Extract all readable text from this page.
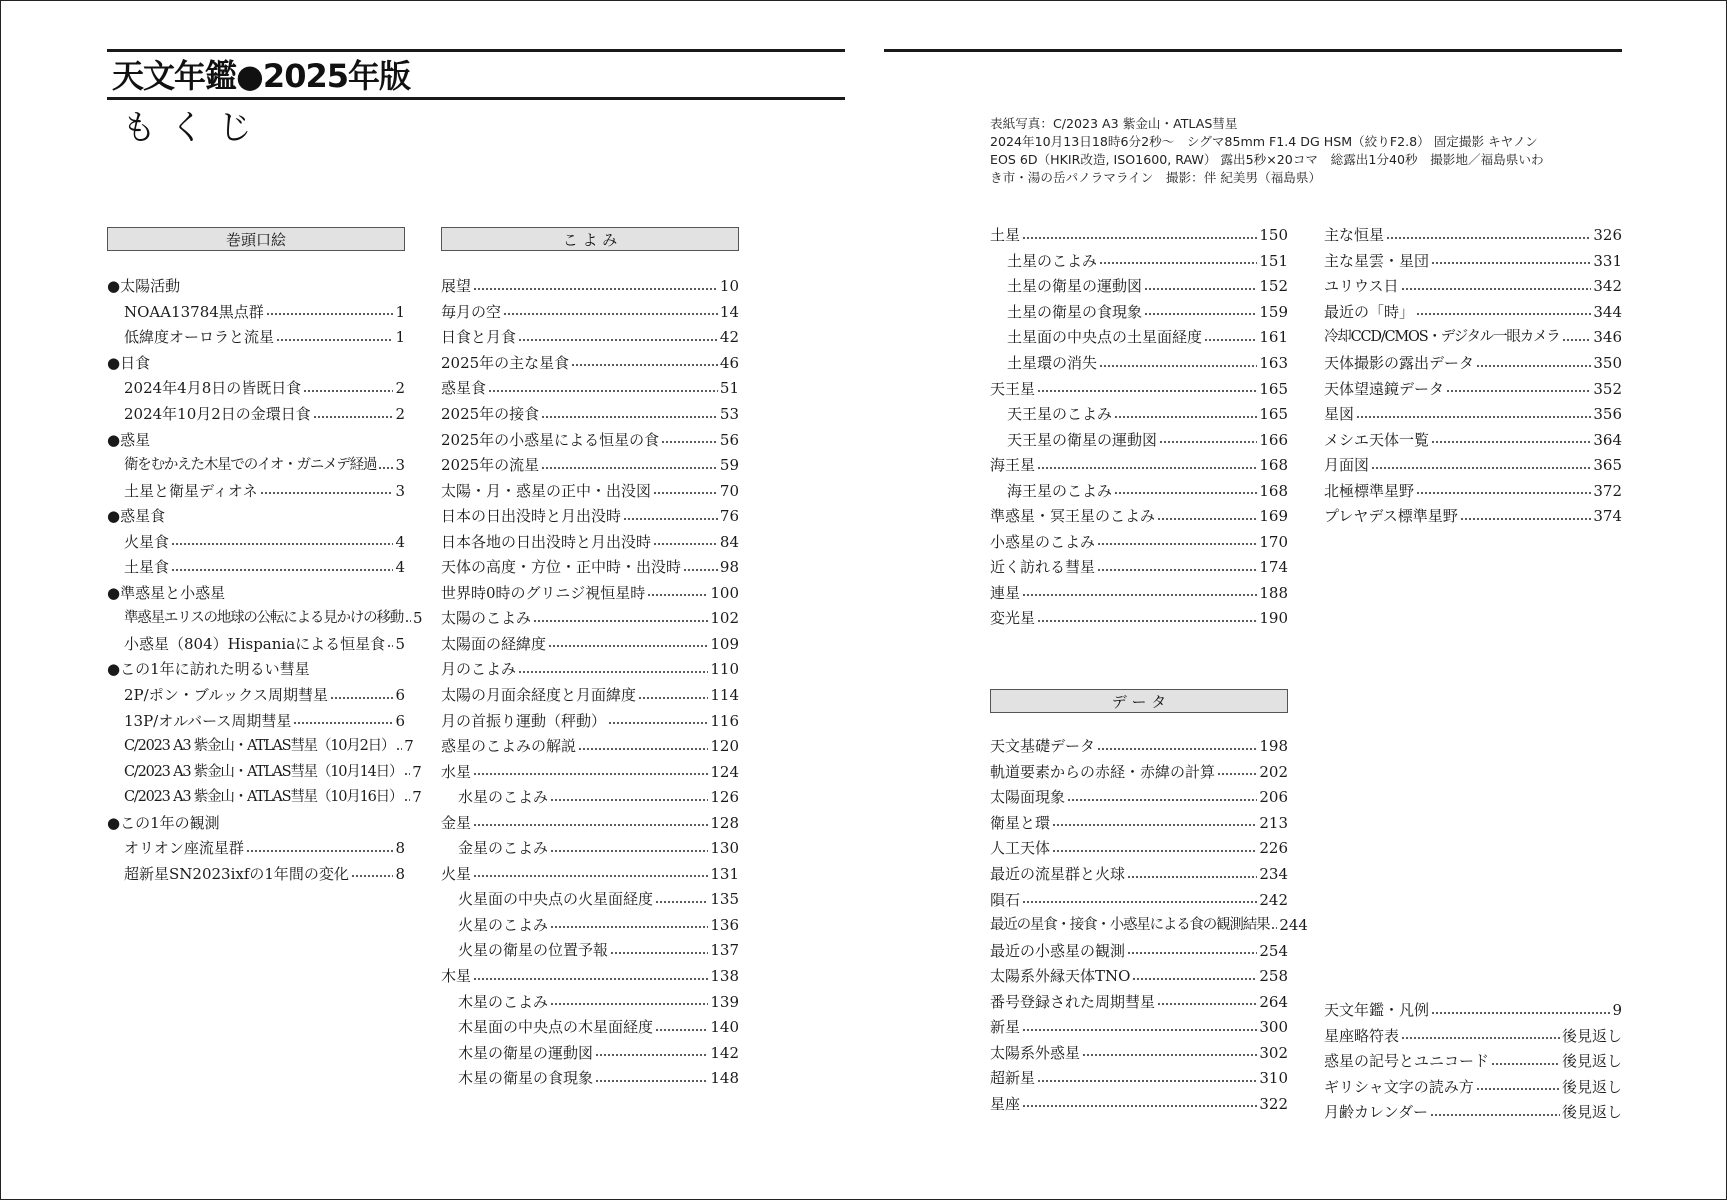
天文年鑑●2025年版
もくじ	表紙写真：C/2023 A3 紫金山・ATLAS彗星
2024年10月13日18時6分2秒～　シグマ85mm F1.4 DG HSM（絞りF2.8） 固定撮影 キヤノン
EOS 6D（HKIR改造, ISO1600, RAW） 露出5秒×20コマ　総露出1分40秒　撮影地／福島県いわ
き市・湯の岳パノラマライン　撮影：伴 紀美男（福島県）
巻頭口絵	こ よ み
デ ー タ
● 太陽活動
NOAA13784黒点群	1
低緯度オーロラと流星	1
● 日食
2024年4月8日の皆既日食	2
2024年10月2日の金環日食	2
● 惑星
衛をむかえた木星でのイオ・ガニメデ経過 3
土星と衛星ディオネ	3
● 惑星食
火星食	4
土星食	4
● 準惑星と小惑星
準惑星エリスの地球の公転による見かけの移動 5
小惑星（804）Hispaniaによる恒星食 5
● この1年に訪れた明るい彗星
2P/ポン・ブルックス周期彗星	6
13P/オルバース周期彗星	6
C/2023 A3 紫金山・ATLAS彗星（10月2日） 7
C/2023 A3 紫金山・ATLAS彗星（10月14日） 7
C/2023 A3 紫金山・ATLAS彗星（10月16日） 7
● この1年の観測
オリオン座流星群	8
超新星SN2023ixfの1年間の変化	8
展望	10
毎月の空	14
日食と月食	42
2025年の主な星食	46
惑星食	51
2025年の接食	53
2025年の小惑星による恒星の食	56
2025年の流星	59
太陽・月・惑星の正中・出没図	70
日本の日出没時と月出没時	76
日本各地の日出没時と月出没時	84
天体の高度・方位・正中時・出没時	98
世界時0時のグリニジ視恒星時	100
太陽のこよみ	102
太陽面の経緯度	109
月のこよみ	110
太陽の月面余経度と月面緯度	114
月の首振り運動（秤動）	116
惑星のこよみの解説	120
水星	124
水星のこよみ	126
金星	128
金星のこよみ	130
火星	131
火星面の中央点の火星面経度	135
火星のこよみ	136
火星の衛星の位置予報	137
木星	138
木星のこよみ	139
木星面の中央点の木星面経度	140
木星の衛星の運動図	142
木星の衛星の食現象	148
土星	150
土星のこよみ	151
土星の衛星の運動図	152
土星の衛星の食現象	159
土星面の中央点の土星面経度	161
土星環の消失	163
天王星	165
天王星のこよみ	165
天王星の衛星の運動図	166
海王星	168
海王星のこよみ	168
準惑星・冥王星のこよみ	169
小惑星のこよみ	170
近く訪れる彗星	174
連星	188
変光星	190
天文基礎データ	198
軌道要素からの赤経・赤緯の計算	202
太陽面現象	206
衛星と環	213
人工天体	226
最近の流星群と火球	234
隕石	242
最近の星食・接食・小惑星による食の観測結果 244
最近の小惑星の観測	254
太陽系外縁天体TNO	258
番号登録された周期彗星	264
新星	300
太陽系外惑星	302
超新星	310
星座	322
主な恒星	326
主な星雲・星団	331
ユリウス日	342
最近の「時」	344
冷却CCD/CMOS・デジタル一眼カメラ 346
天体撮影の露出データ	350
天体望遠鏡データ	352
星図	356
メシエ天体一覧	364
月面図	365
北極標準星野	372
プレヤデス標準星野	374
天文年鑑・凡例	9
星座略符表	後見返し
惑星の記号とユニコード	後見返し
ギリシャ文字の読み方	後見返し
月齢カレンダー	後見返し
